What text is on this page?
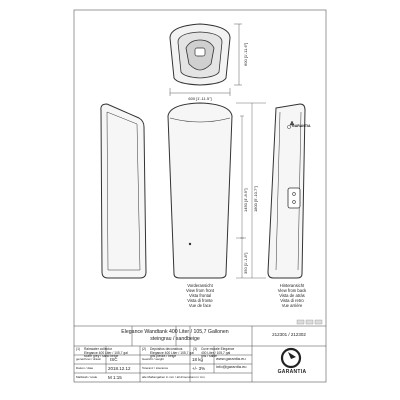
600 [1'-11.6"]
600 [1'-11.5"]
1450 [4'-8.9"]
350 [1'-1.8"]
1800 [5'-10.7"]
GARANTIA
Vorderansicht
View from front
Vista frontal
Vista di fronte
Vue de face
Hinteransicht
View from back
Vista de atrás
Vista di retro
Vue arrière
Elegance Wandtank 400 Liter / 105,7 Gallonen
steingrau / sandbeige
212301 / 212302
(1) Rainwater collector
Elegance 400 Liter / 105,7 gal
stone grey / sand beige
(2) Depósitos decorativos
Elegance 400 Liter / 105,7 gal
gris piedra / beige
(3) Cuve murale Elegance
400 Liter / 105,7 gal
gris / sable
gezeichnet / drawn ISC	Gewicht / weight	18 kg
Datum / date	2018.12.12	Toleranz / tolerance	+/- 3%
Maßstab / scale M 1:15	alle Maßangaben in mm / all dimensions in mm
www.garantia.eu
info@garantia.eu
GARANTIA
